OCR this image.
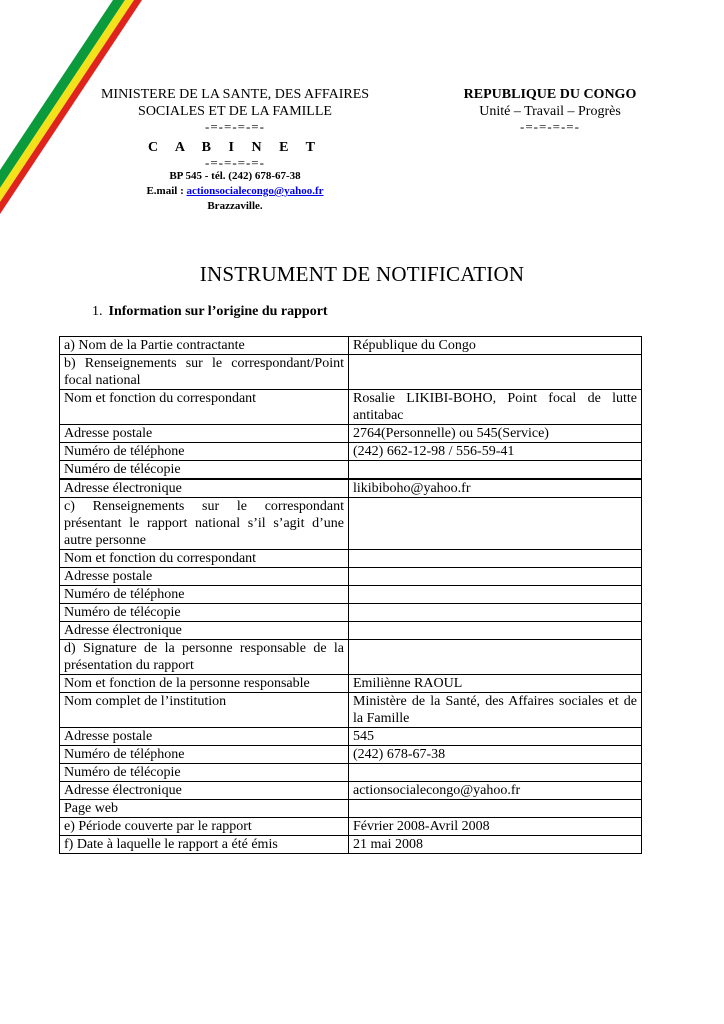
MINISTERE DE LA SANTE, DES AFFAIRES
SOCIALES ET DE LA FAMILLE
-=-=-=-=-
C A B I N E T
-=-=-=-=-
BP 545 - tél. (242) 678-67-38
E.mail : actionsocialecongo@yahoo.fr
Brazzaville.
REPUBLIQUE DU CONGO
Unité – Travail – Progrès
-=-=-=-=-
INSTRUMENT DE NOTIFICATION
1. Information sur l’origine du rapport
a) Nom de la Partie contractante	République du Congo
b) Renseignements sur le correspondant/Point focal national	
Nom et fonction du correspondant	Rosalie LIKIBI-BOHO, Point focal de lutte antitabac
Adresse postale	2764(Personnelle) ou 545(Service)
Numéro de téléphone	(242) 662-12-98 / 556-59-41
Numéro de télécopie	
Adresse électronique	likibiboho@yahoo.fr
c) Renseignements sur le correspondant présentant le rapport national s’il s’agit d’une autre personne	
Nom et fonction du correspondant	
Adresse postale	
Numéro de téléphone	
Numéro de télécopie	
Adresse électronique	
d) Signature de la personne responsable de la présentation du rapport	
Nom et fonction de la personne responsable	Emiliènne RAOUL
Nom complet de l’institution	Ministère de la Santé, des Affaires sociales et de la Famille
Adresse postale	545
Numéro de téléphone	(242) 678-67-38
Numéro de télécopie	
Adresse électronique	actionsocialecongo@yahoo.fr
Page web	
e) Période couverte par le rapport	Février 2008-Avril 2008
f) Date à laquelle le rapport a été émis	21 mai 2008
